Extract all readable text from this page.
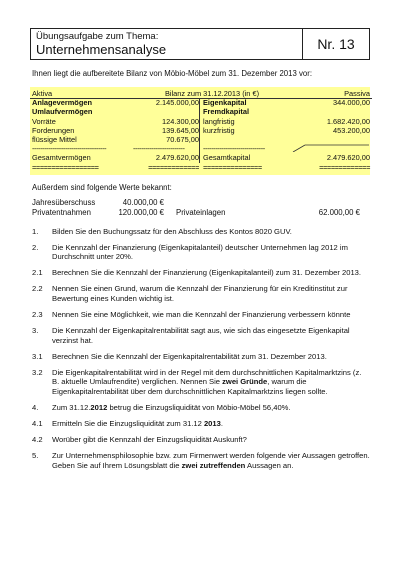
Übungsaufgabe zum Thema:
Unternehmensanalyse	Nr. 13
Ihnen liegt die aufbereitete Bilanz von Möbio-Möbel zum 31. Dezember 2013 vor:
Aktiva	Bilanz zum 31.12.2013 (in €)	Passiva
Anlagevermögen	2.145.000,00 Eigenkapital	344.000,00
Umlaufvermögen	Fremdkapital
Vorräte	124.300,00 langfristig	1.682.420,00
Forderungen	139.645,00 kurzfristig	453.200,00
flüssige Mittel	70.675,00
------------------------------------	-------------------------	------------------------------
Gesamtvermögen	2.479.620,00 Gesamtkapital	2.479.620,00
=================	============= ===============	=============
Außerdem sind folgende Werte bekannt:
Jahresüberschuss	40.000,00 €
Privatentnahmen	120.000,00 €	Privateinlagen	62.000,00 €
1.	Bilden Sie den Buchungssatz für den Abschluss des Kontos 8020 GUV.
2.	Die Kennzahl der Finanzierung (Eigenkapitalanteil) deutscher Unternehmen lag 2012 im Durchschnitt unter 20%.
2.1	Berechnen Sie die Kennzahl der Finanzierung (Eigenkapitalanteil) zum 31. Dezember 2013.
2.2	Nennen Sie einen Grund, warum die Kennzahl der Finanzierung für ein Kreditinstitut zur Bewertung eines Kunden wichtig ist.
2.3	Nennen Sie eine Möglichkeit, wie man die Kennzahl der Finanzierung verbessern könnte
3.	Die Kennzahl der Eigenkapitalrentabilität sagt aus, wie sich das eingesetzte Eigenkapital verzinst hat.
3.1	Berechnen Sie die Kennzahl der Eigenkapitalrentabilität zum 31. Dezember 2013.
3.2	Die Eigenkapitalrentabilität wird in der Regel mit dem durchschnittlichen Kapitalmarktzins (z. B. aktuelle Umlaufrendite) verglichen. Nennen Sie zwei Gründe, warum die Eigenkapitalrentabilität über dem durchschnittlichen Kapitalmarktzins liegen sollte.
4.	Zum 31.12.2012 betrug die Einzugsliquidität von Möbio-Möbel 56,40%.
4.1	Ermitteln Sie die Einzugsliquidität zum 31.12 2013.
4.2	Worüber gibt die Kennzahl der Einzugsliquidität Auskunft?
5.	Zur Unternehmensphilosophie bzw. zum Firmenwert werden folgende vier Aussagen getroffen. Geben Sie auf Ihrem Lösungsblatt die zwei zutreffenden Aussagen an.
